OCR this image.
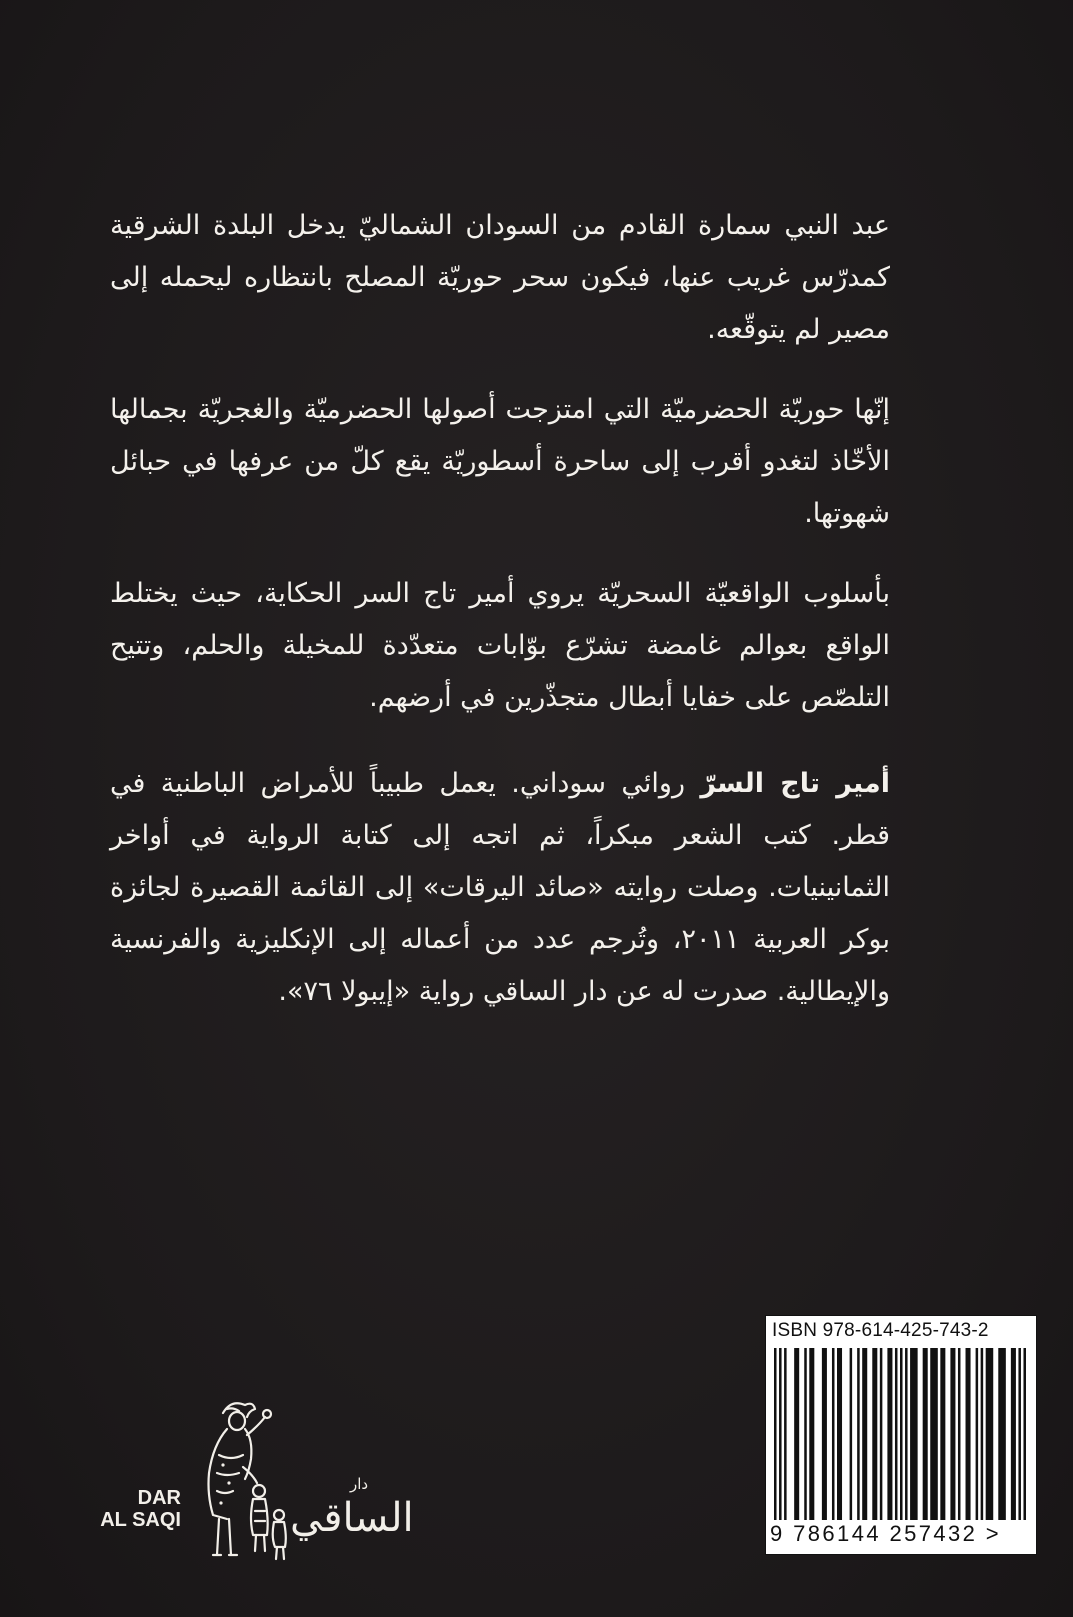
عبد النبي سمارة القادم من السودان الشماليّ يدخل البلدة الشرقية كمدرّس غريب عنها، فيكون سحر حوريّة المصلح بانتظاره ليحمله إلى مصير لم يتوقّعه.

إنّها حوريّة الحضرميّة التي امتزجت أصولها الحضرميّة والغجريّة بجمالها الأخّاذ لتغدو أقرب إلى ساحرة أسطوريّة يقع كلّ من عرفها في حبائل شهوتها.

بأسلوب الواقعيّة السحريّة يروي أمير تاج السر الحكاية، حيث يختلط الواقع بعوالم غامضة تشرّع بوّابات متعدّدة للمخيلة والحلم، وتتيح التلصّص على خفايا أبطال متجذّرين في أرضهم.

أمير تاج السرّ روائي سوداني. يعمل طبيباً للأمراض الباطنية في قطر. كتب الشعر مبكراً، ثم اتجه إلى كتابة الرواية في أواخر الثمانينيات. وصلت روايته «صائد اليرقات» إلى القائمة القصيرة لجائزة بوكر العربية ٢٠١١، وتُرجم عدد من أعماله إلى الإنكليزية والفرنسية والإيطالية. صدرت له عن دار الساقي رواية «إيبولا ٧٦».

DAR
AL SAQI
دار
الساقي
ISBN 978-614-425-743-2
9 786144 257432 >
